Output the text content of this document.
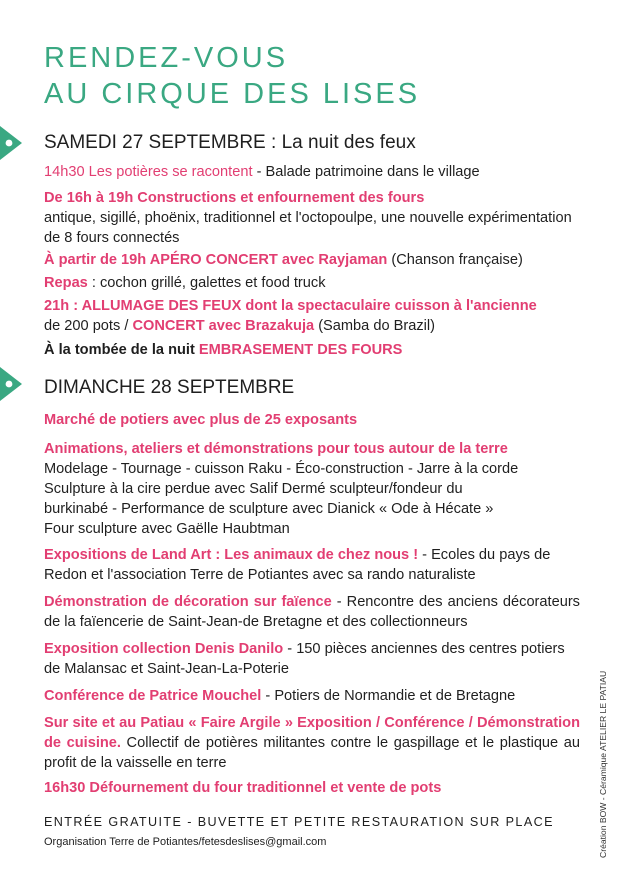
RENDEZ-VOUS
AU CIRQUE DES LISES
SAMEDI 27 SEPTEMBRE : La nuit des feux
14h30 Les potières se racontent - Balade patrimoine dans le village
De 16h à 19h Constructions et enfournement des fours
antique, sigillé, phoënix, traditionnel et l'octopoulpe, une nouvelle expérimentation de 8 fours connectés
À partir de 19h APÉRO CONCERT avec Rayjaman (Chanson française)
Repas : cochon grillé, galettes et food truck
21h : ALLUMAGE DES FEUX dont la spectaculaire cuisson à l'ancienne
de 200 pots / CONCERT avec Brazakuja (Samba do Brazil)
À la tombée de la nuit EMBRASEMENT DES FOURS
DIMANCHE 28 SEPTEMBRE
Marché de potiers avec plus de 25 exposants
Animations, ateliers et démonstrations pour tous autour de la terre
Modelage - Tournage - cuisson Raku - Éco-construction - Jarre à la corde
Sculpture à la cire perdue avec Salif Dermé sculpteur/fondeur du
burkinabé - Performance de sculpture avec Dianick « Ode à Hécate »
Four sculpture avec Gaëlle Haubtman
Expositions de Land Art : Les animaux de chez nous ! - Ecoles du pays de Redon et l'association Terre de Potiantes avec sa rando naturaliste
Démonstration de décoration sur faïence - Rencontre des anciens décorateurs de la faïencerie de Saint-Jean-de Bretagne et des collectionneurs
Exposition collection Denis Danilo - 150 pièces anciennes des centres potiers de Malansac et Saint-Jean-La-Poterie
Conférence de Patrice Mouchel - Potiers de Normandie et de Bretagne
Sur site et au Patiau « Faire Argile » Exposition / Conférence / Démonstration de cuisine. Collectif de potières militantes contre le gaspillage et le plastique au profit de la vaisselle en terre
16h30 Défournement du four traditionnel et vente de pots
ENTRÉE GRATUITE - BUVETTE ET PETITE RESTAURATION SUR PLACE
Organisation Terre de Potiantes/fetesdeslises@gmail.com	Création BOW - Céramique ATELIER LE PATIAU
